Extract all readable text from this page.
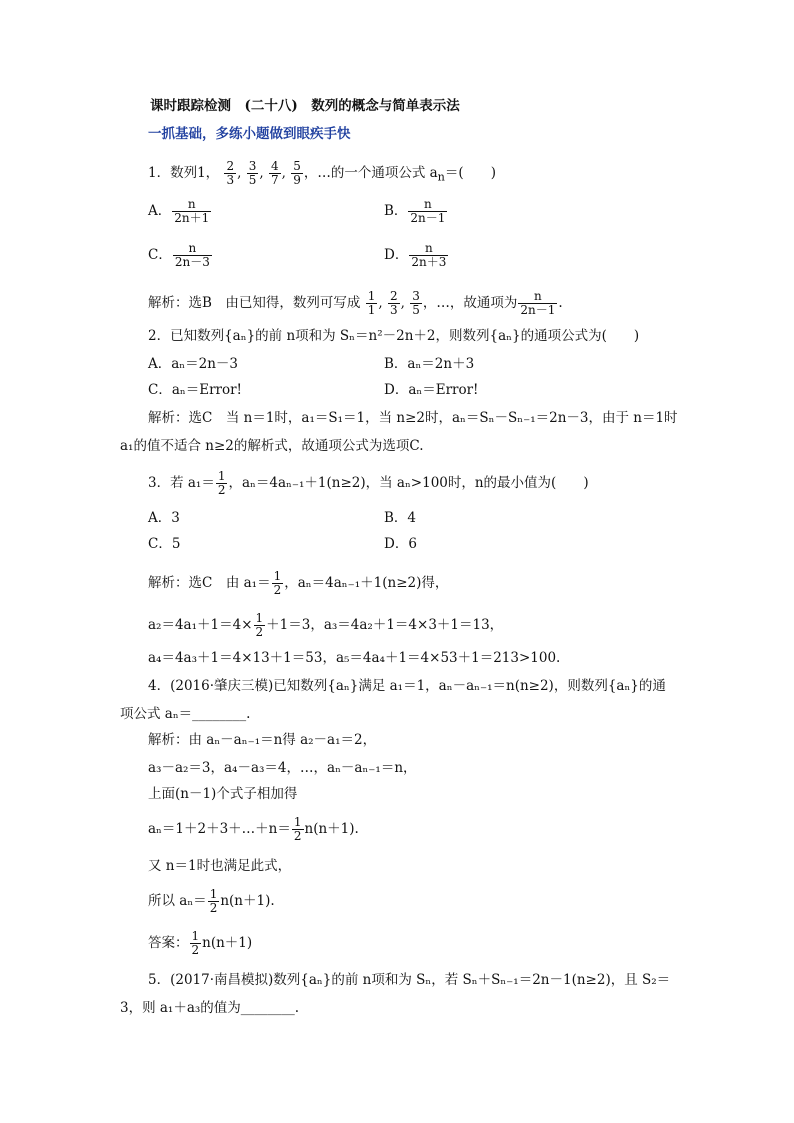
课时跟踪检测　(二十八)　数列的概念与简单表示法
一抓基础，多练小题做到眼疾手快
1．数列1， $\frac{2}{3}$ , $\frac{3}{5}$ , $\frac{4}{7}$ , $\frac{5}{9}$ ，…的一个通项公式 $a_n=$(　　)
A． $\frac{n}{2n+1}$	B． $\frac{n}{2n-1}$
C． $\frac{n}{2n-3}$	D． $\frac{n}{2n+3}$
解析：选B　由已知得，数列可写成 $\frac{1}{1}$ , $\frac{2}{3}$ , $\frac{3}{5}$ ，…，故通项为 $\frac{n}{2n-1}$ .
2．已知数列{aₙ}的前 n项和为 Sₙ＝n²－2n＋2，则数列{aₙ}的通项公式为(　　)
A．aₙ＝2n－3	B．aₙ＝2n＋3
C．aₙ＝Error!	D．aₙ＝Error!
解析：选C　当 n＝1时，a₁＝S₁＝1，当 n≥2时，aₙ＝Sₙ－Sₙ₋₁＝2n－3，由于 n＝1时
a₁的值不适合 n≥2的解析式，故通项公式为选项C.
3．若 $a_1= \frac{1}{2}$ ，aₙ＝4aₙ₋₁＋1(n≥2)，当 aₙ>100时，n的最小值为(　　)
A．3	B．4
C．5	D．6
解析：选C　由 $a_1= \frac{1}{2}$ ，aₙ＝4aₙ₋₁＋1(n≥2)得，
$a_2=4a_1+1=4\times \frac{1}{2} +1=3$，a₃＝4a₂＋1＝4×3＋1＝13，
a₄＝4a₃＋1＝4×13＋1＝53，a₅＝4a₄＋1＝4×53＋1＝213>100.
4．(2016·肇庆三模)已知数列{aₙ}满足 a₁＝1，aₙ－aₙ₋₁＝n(n≥2)，则数列{aₙ}的通
项公式 aₙ＝________.
解析：由 aₙ－aₙ₋₁＝n得 a₂－a₁＝2，
a₃－a₂＝3，a₄－a₃＝4，…，aₙ－aₙ₋₁＝n，
上面(n－1)个式子相加得
aₙ＝1＋2＋3＋…＋n＝ $\frac{1}{2} n(n+1)$.
又 n＝1时也满足此式，
所以 $a_n= \frac{1}{2} n(n+1)$.
答案： $\frac{1}{2} n(n+1)$
5．(2017·南昌模拟)数列{aₙ}的前 n项和为 Sₙ，若 Sₙ＋Sₙ₋₁＝2n－1(n≥2)，且 S₂＝
3，则 a₁＋a₃的值为________.
